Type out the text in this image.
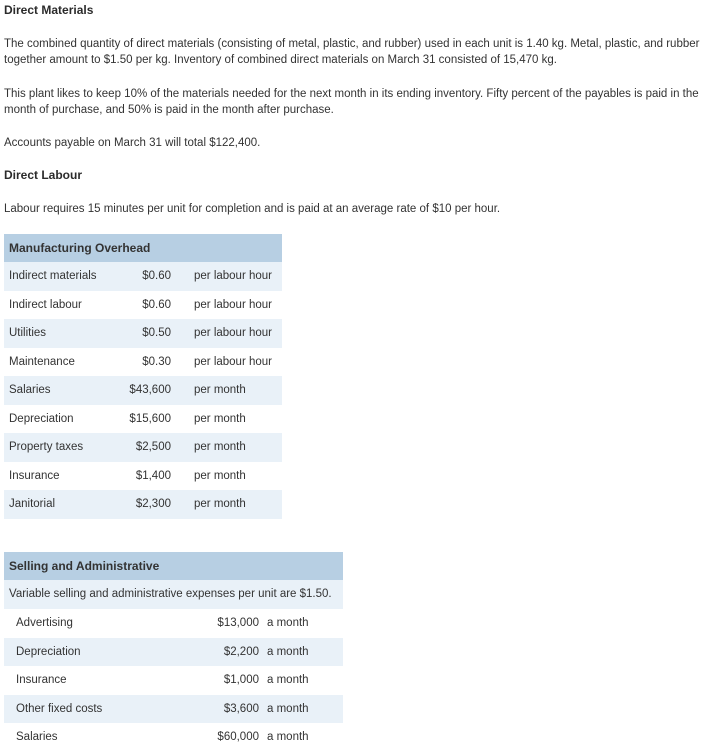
Direct Materials
The combined quantity of direct materials (consisting of metal, plastic, and rubber) used in each unit is 1.40 kg. Metal, plastic, and rubber together amount to $1.50 per kg. Inventory of combined direct materials on March 31 consisted of 15,470 kg.
This plant likes to keep 10% of the materials needed for the next month in its ending inventory. Fifty percent of the payables is paid in the month of purchase, and 50% is paid in the month after purchase.
Accounts payable on March 31 will total $122,400.
Direct Labour
Labour requires 15 minutes per unit for completion and is paid at an average rate of $10 per hour.
Manufacturing Overhead
Indirect materials	$0.60 per labour hour
Indirect labour	$0.60 per labour hour
Utilities	$0.50 per labour hour
Maintenance	$0.30 per labour hour
Salaries	$43,600 per month
Depreciation	$15,600 per month
Property taxes	$2,500 per month
Insurance	$1,400 per month
Janitorial	$2,300 per month
Selling and Administrative
Variable selling and administrative expenses per unit are $1.50.
Advertising	$13,000 a month
Depreciation	$2,200 a month
Insurance	$1,000 a month
Other fixed costs	$3,600 a month
Salaries	$60,000 a month
